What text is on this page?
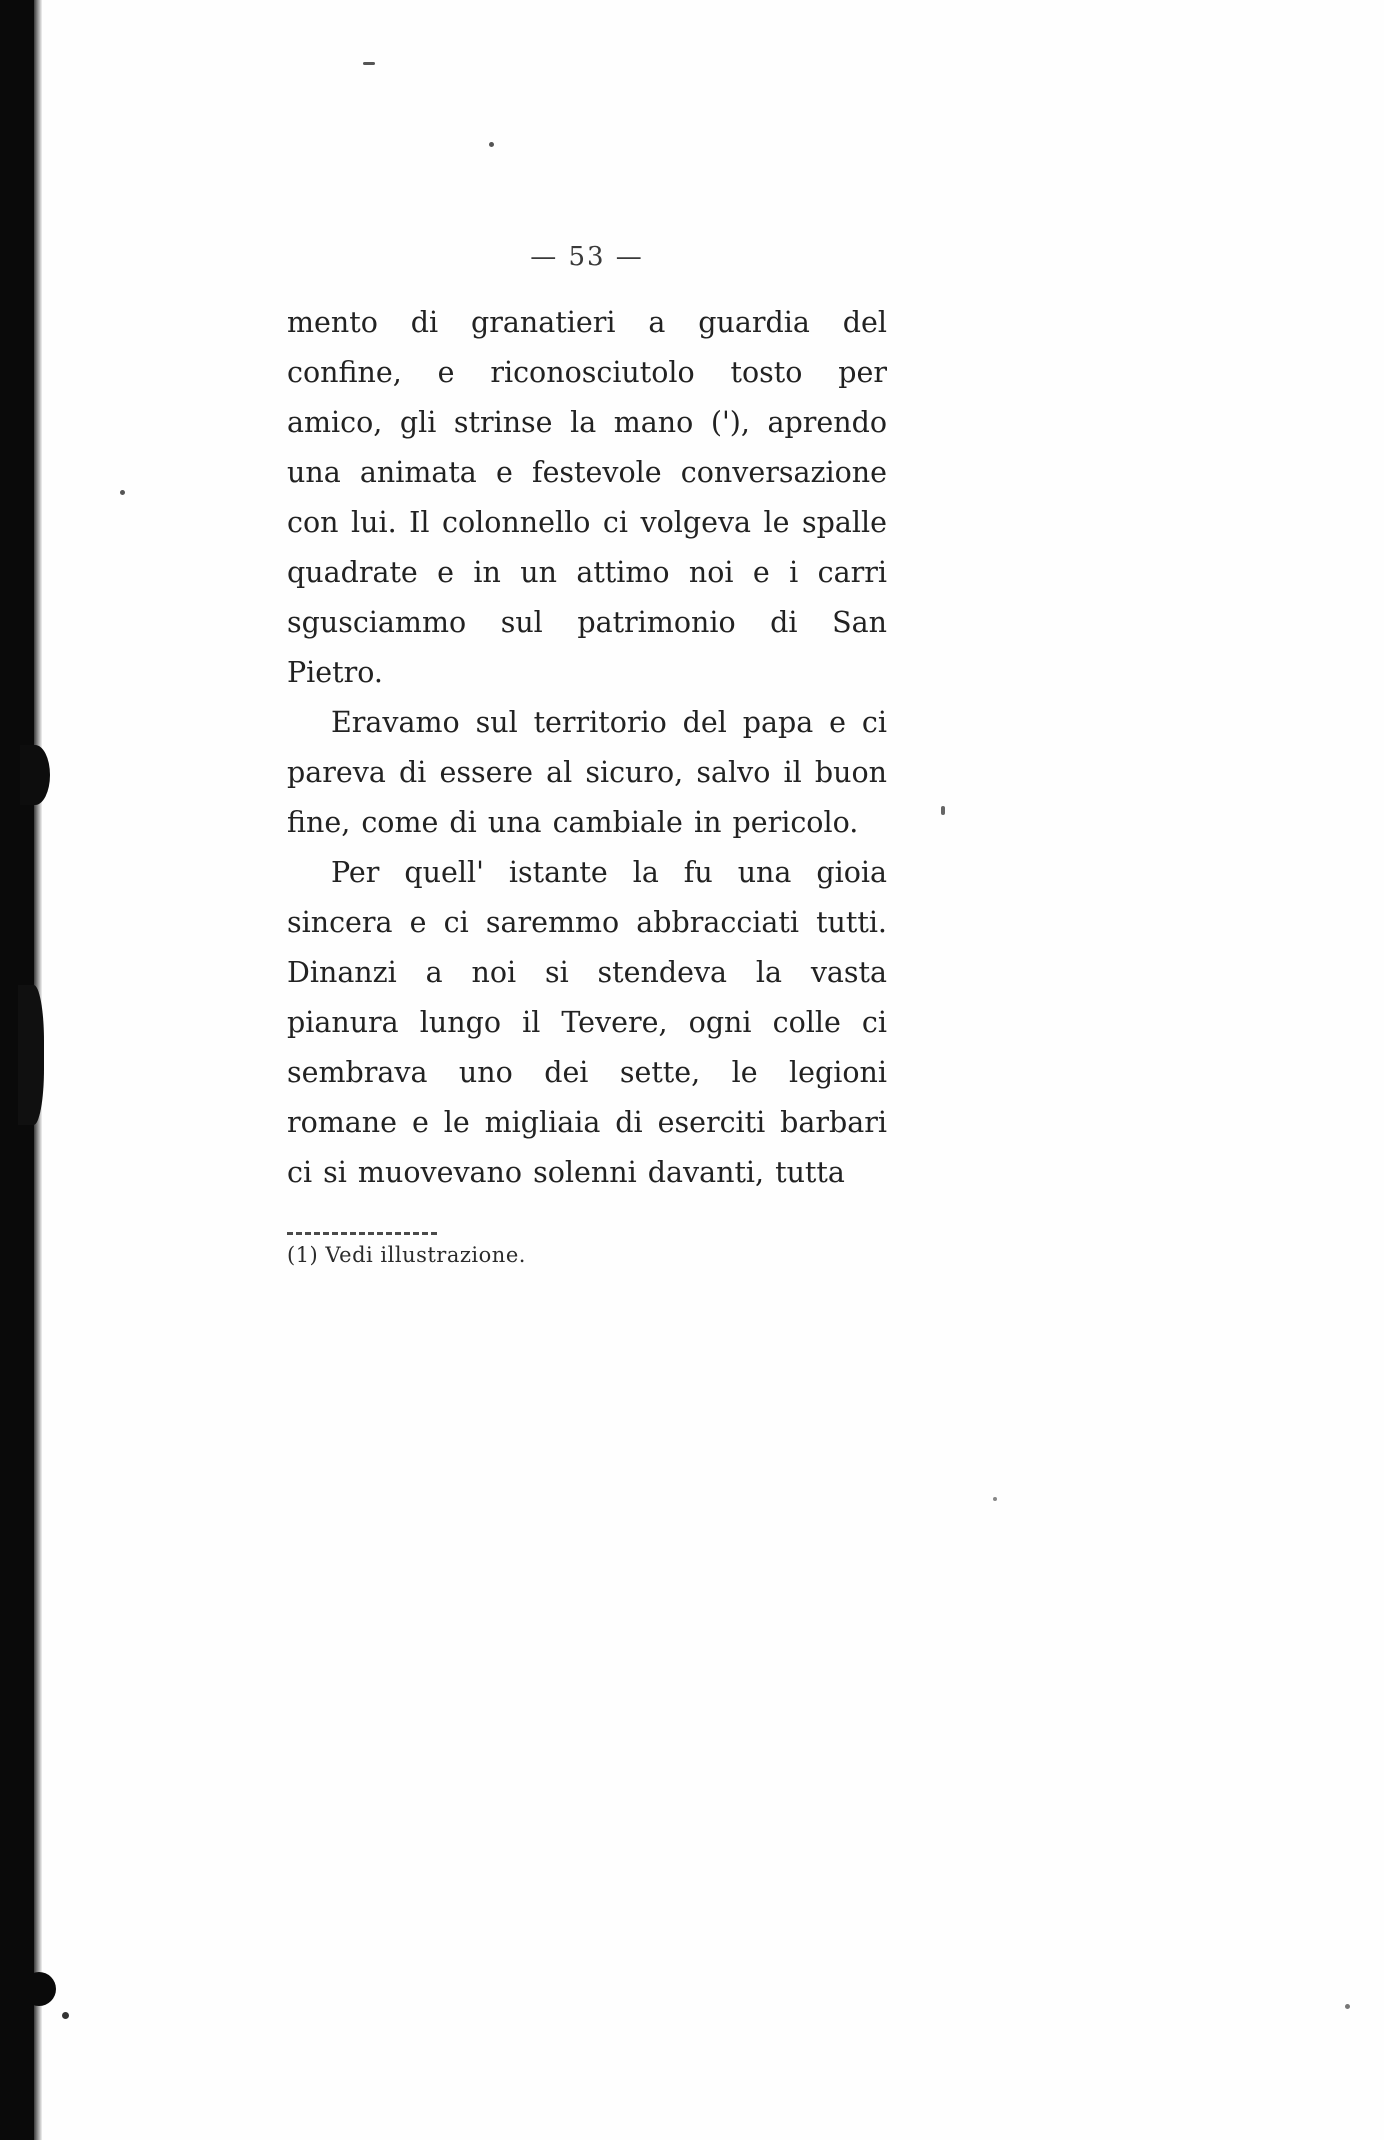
— 53 —

mento di granatieri a guardia del confine, e riconosciutolo tosto per amico, gli strinse la mano ('), aprendo una animata e festevole conversazione con lui. Il colonnello ci volgeva le spalle quadrate e in un attimo noi e i carri sgusciammo sul patrimonio di San Pietro.

Eravamo sul territorio del papa e ci pareva di essere al sicuro, salvo il buon fine, come di una cambiale in pericolo.

Per quell' istante la fu una gioia sincera e ci saremmo abbracciati tutti. Dinanzi a noi si stendeva la vasta pianura lungo il Tevere, ogni colle ci sembrava uno dei sette, le legioni romane e le migliaia di eserciti barbari ci si muovevano solenni davanti, tutta

(1) Vedi illustrazione.
